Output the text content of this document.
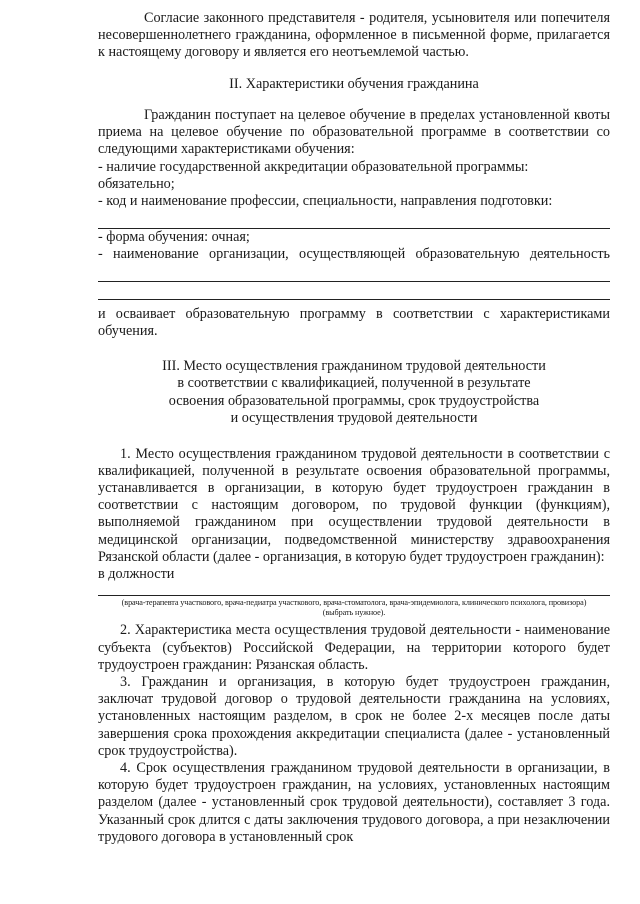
Согласие законного представителя - родителя, усыновителя или попечителя несовершеннолетнего гражданина, оформленное в письменной форме, прилагается к настоящему договору и является его неотъемлемой частью.

II. Характеристики обучения гражданина

Гражданин поступает на целевое обучение в пределах установленной квоты приема на целевое обучение по образовательной программе в соответствии со следующими характеристиками обучения:

- наличие государственной аккредитации образовательной программы:

обязательно;

- код и наименование профессии, специальности, направления подготовки:

- форма обучения: очная;

- наименование организации, осуществляющей образовательную деятельность

и осваивает образовательную программу в соответствии с характеристиками обучения.

III. Место осуществления гражданином трудовой деятельности

в соответствии с квалификацией, полученной в результате

освоения образовательной программы, срок трудоустройства

и осуществления трудовой деятельности

1. Место осуществления гражданином трудовой деятельности в соответствии с квалификацией, полученной в результате освоения образовательной программы, устанавливается в организации, в которую будет трудоустроен гражданин в соответствии с настоящим договором, по трудовой функции (функциям), выполняемой гражданином при осуществлении трудовой деятельности в медицинской организации, подведомственной министерству здравоохранения Рязанской области (далее - организация, в которую будет трудоустроен гражданин):

в должности

(врача-терапевта участкового, врача-педиатра участкового, врача-стоматолога, врача-эпидемиолога, клинического психолога, провизора)

(выбрать нужное).

2. Характеристика места осуществления трудовой деятельности - наименование субъекта (субъектов) Российской Федерации, на территории которого будет трудоустроен гражданин: Рязанская область.

3. Гражданин и организация, в которую будет трудоустроен гражданин, заключат трудовой договор о трудовой деятельности гражданина на условиях, установленных настоящим разделом, в срок не более 2-х месяцев после даты завершения срока прохождения аккредитации специалиста (далее - установленный срок трудоустройства).

4. Срок осуществления гражданином трудовой деятельности в организации, в которую будет трудоустроен гражданин, на условиях, установленных настоящим разделом (далее - установленный срок трудовой деятельности), составляет 3 года. Указанный срок длится с даты заключения трудового договора, а при незаключении трудового договора в установленный срок
